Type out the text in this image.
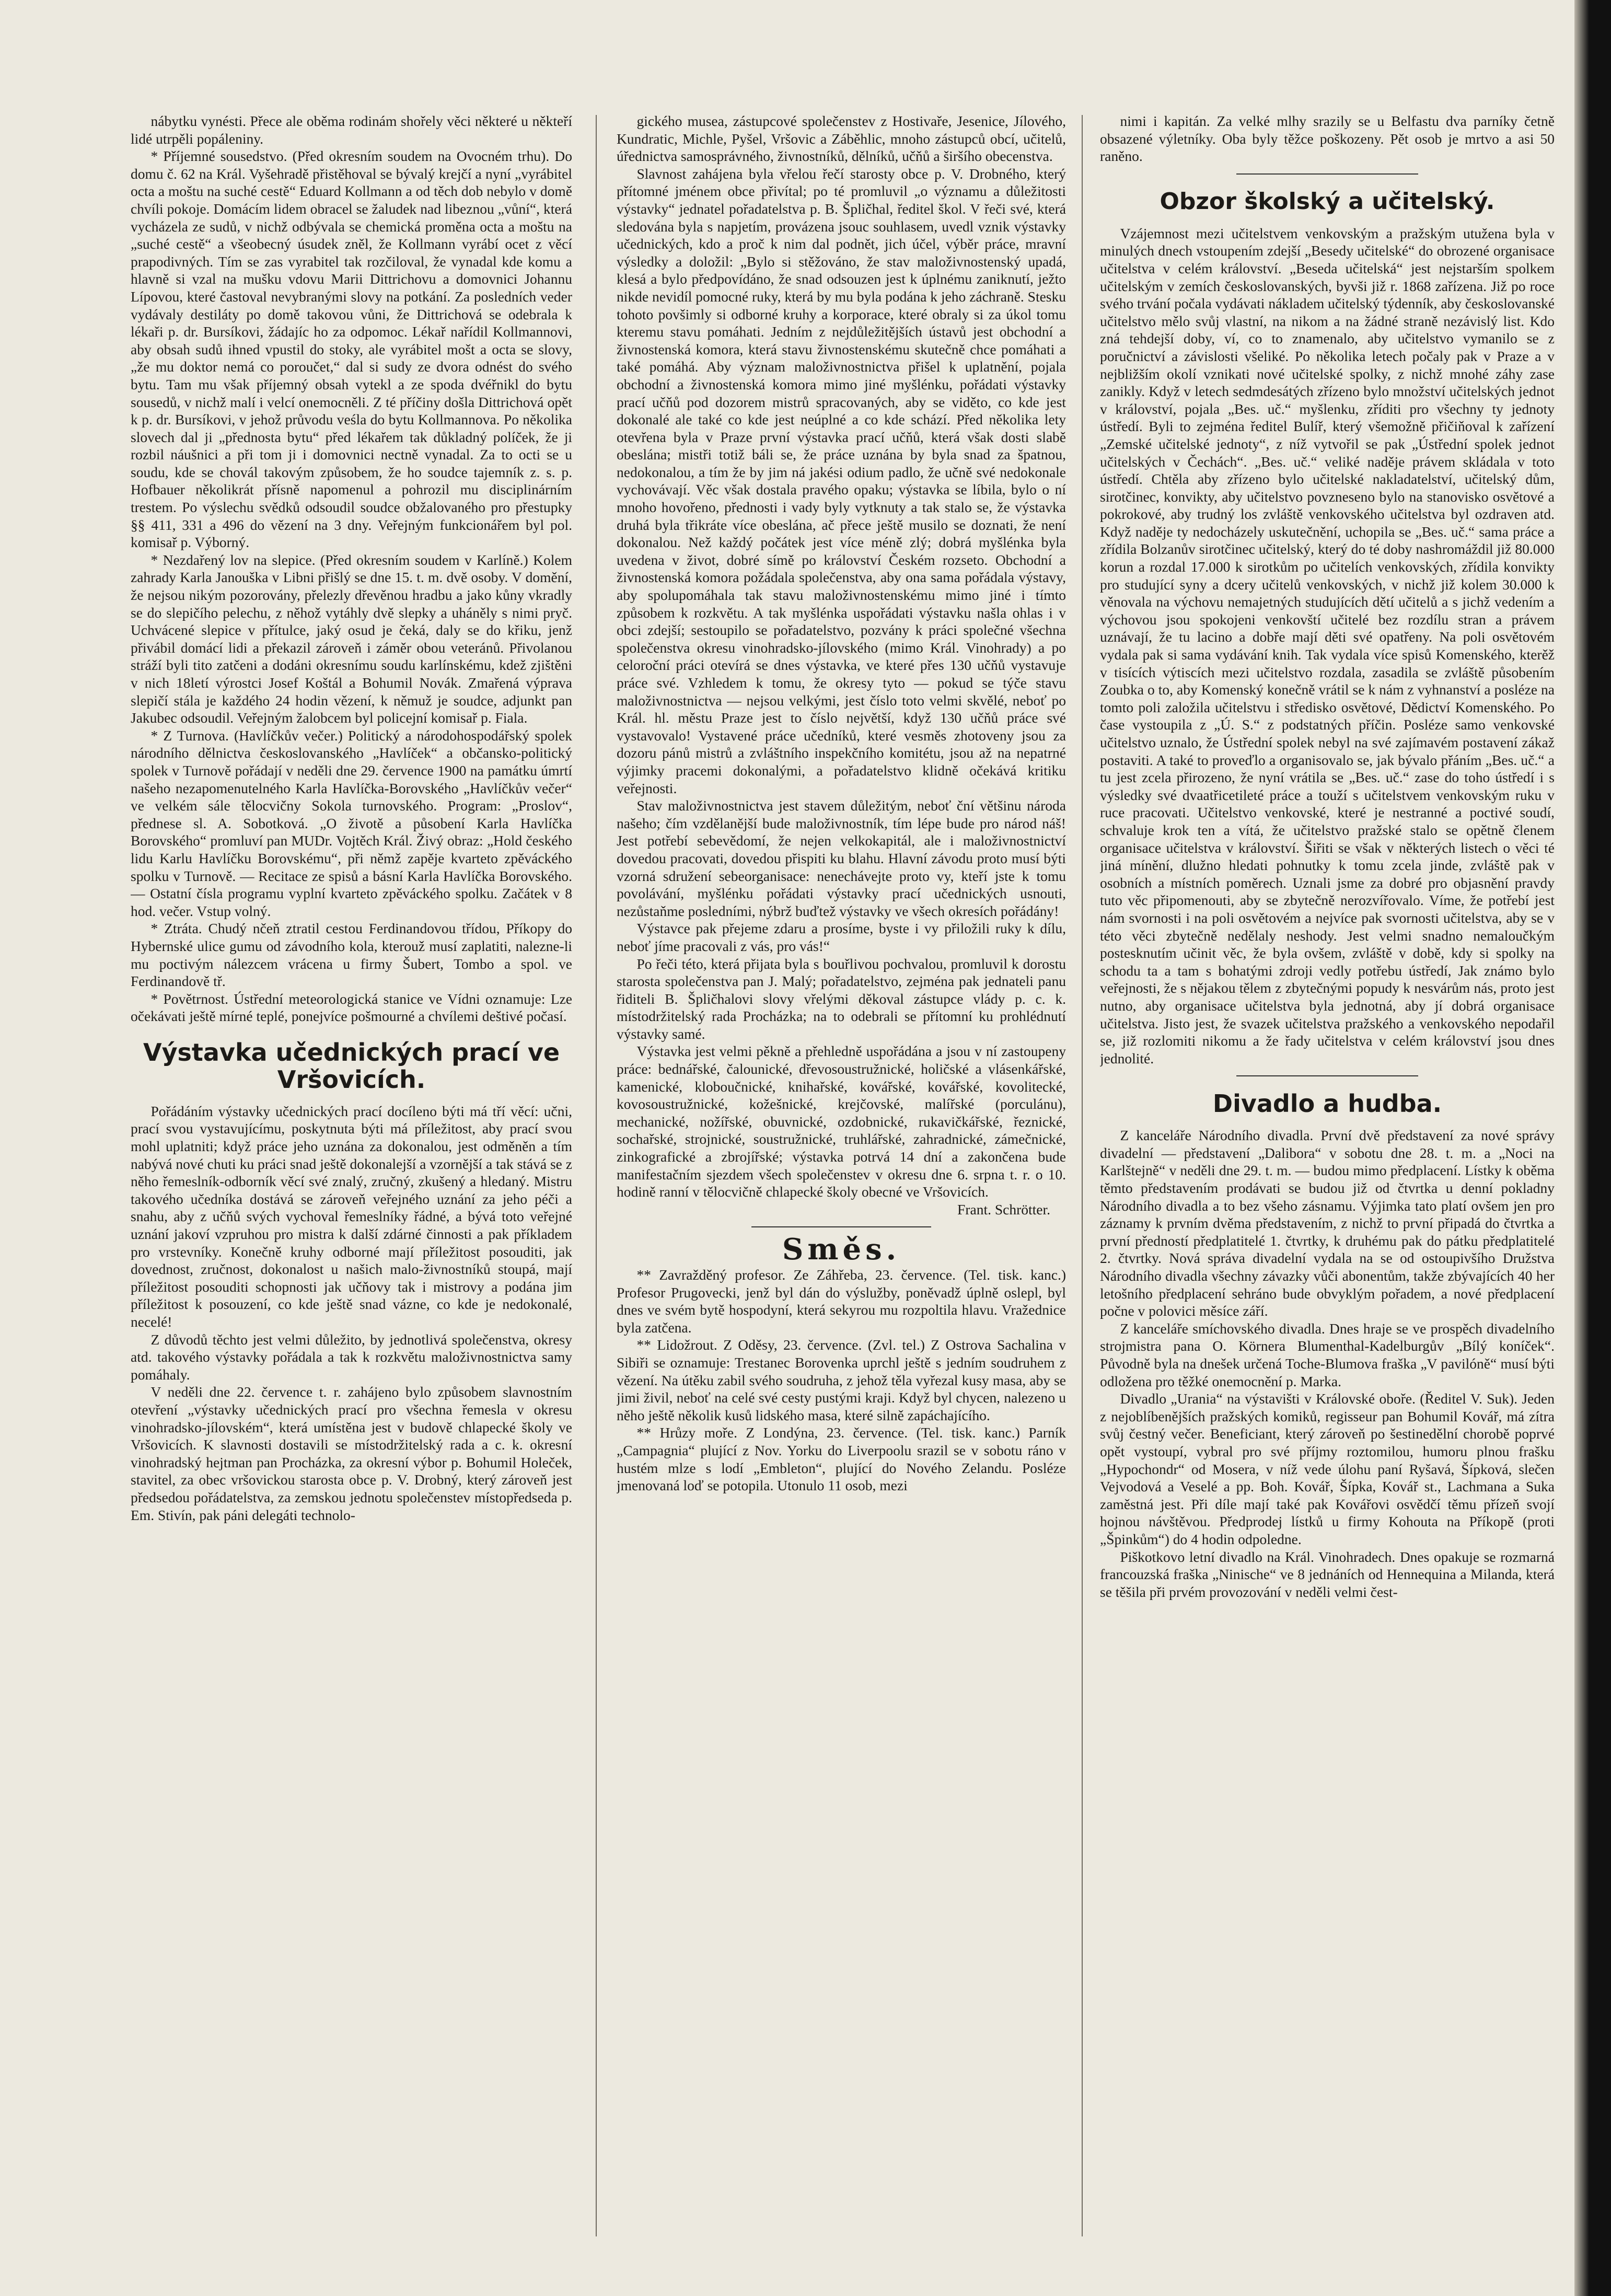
nábytku vynésti. Přece ale oběma rodinám shořely věci některé u někteří lidé utrpěli popáleniny.

* Příjemné sousedstvo. (Před okresním soudem na Ovocném trhu). Do domu č. 62 na Král. Vyšehradě přistěhoval se bývalý krejčí a nyní „vyrábitel octa a moštu na suché cestě“ Eduard Kollmann a od těch dob nebylo v domě chvíli pokoje. Domácím lidem obracel se žaludek nad libeznou „vůní“, která vycházela ze sudů, v nichž odbývala se chemická proměna octa a moštu na „suché cestě“ a všeobecný úsudek zněl, že Kollmann vyrábí ocet z věcí prapodivných. Tím se zas vyrabitel tak rozčiloval, že vynadal kde komu a hlavně si vzal na mušku vdovu Marii Dittrichovu a domovnici Johannu Lípovou, které častoval nevybranými slovy na potkání. Za posledních veder vydávaly destiláty po domě takovou vůni, že Dittrichová se odebrala k lékaři p. dr. Bursíkovi, žádajíc ho za odpomoc. Lékař nařídil Kollmannovi, aby obsah sudů ihned vpustil do stoky, ale vyrábitel mošt a octa se slovy, „že mu doktor nemá co poroučet,“ dal si sudy ze dvora odnést do svého bytu. Tam mu však příjemný obsah vytekl a ze spoda dvéřnikl do bytu sousedů, v nichž malí i velcí onemocněli. Z té příčiny došla Dittrichová opět k p. dr. Bursíkovi, v jehož průvodu veśla do bytu Kollmannova. Po několika slovech dal ji „přednosta bytu“ před lékařem tak důkladný políček, že ji rozbil náušnici a při tom ji i domovnici nectně vynadal. Za to octi se u soudu, kde se chovál takovým způsobem, že ho soudce tajemník z. s. p. Hofbauer několikrát přísně napomenul a pohrozil mu disciplinárním trestem. Po výslechu svědků odsoudil soudce obžalovaného pro přestupky §§ 411, 331 a 496 do vězení na 3 dny. Veřejným funkcionářem byl pol. komisař p. Výborný.

* Nezdařený lov na slepice. (Před okresním soudem v Karlíně.) Kolem zahrady Karla Janouška v Libni přišlý se dne 15. t. m. dvě osoby. V domění, že nejsou nikým pozorovány, přelezly dřevěnou hradbu a jako kůny vkradly se do slepičího pelechu, z něhož vytáhly dvě slepky a uháněly s nimi pryč. Uchvácené slepice v přítulce, jaký osud je čeká, daly se do křiku, jenž přivábil domácí lidi a překazil zároveň i záměr obou veteránů. Přivolanou stráží byli tito zatčeni a dodáni okresnímu soudu karlínskému, kdež zjištěni v nich 18letí výrostci Josef Koštál a Bohumil Novák. Zmařená výprava slepičí stála je každého 24 hodin vězení, k němuž je soudce, adjunkt pan Jakubec odsoudil. Veřejným žalobcem byl policejní komisař p. Fiala.

* Z Turnova. (Havlíčkův večer.) Politický a národohospodářský spolek národního dělnictva českoslovanského „Havlíček“ a občansko-politický spolek v Turnově pořádají v neděli dne 29. července 1900 na památku úmrtí našeho nezapomenutelného Karla Havlíčka-Borovského „Havlíčkův večer“ ve velkém sále tělocvičny Sokola turnovského. Program: „Proslov“, přednese sl. A. Sobotková. „O životě a působení Karla Havlíčka Borovského“ promluví pan MUDr. Vojtěch Král. Živý obraz: „Hold českého lidu Karlu Havlíčku Borovskému“, při němž zapěje kvarteto zpěváckého spolku v Turnově. — Recitace ze spisů a básní Karla Havlíčka Borovského. — Ostatní čísla programu vyplní kvarteto zpěváckého spolku. Začátek v 8 hod. večer. Vstup volný.

* Ztráta. Chudý nčeň ztratil cestou Ferdinandovou třídou, Příkopy do Hybernské ulice gumu od závodního kola, kterouž musí zaplatiti, nalezne-li mu poctivým nálezcem vrácena u firmy Šubert, Tombo a spol. ve Ferdinandově tř.

* Povětrnost. Ústřední meteorologická stanice ve Vídni oznamuje: Lze očekávati ještě mírné teplé, ponejvíce pošmourné a chvílemi deštivé počasí.

Výstavka učednických prací ve Vršovicích.

Pořádáním výstavky učednických prací docíleno býti má tří věcí: učni, prací svou vystavujícímu, poskytnuta býti má příležitost, aby prací svou mohl uplatniti; když práce jeho uznána za dokonalou, jest odměněn a tím nabývá nové chuti ku práci snad ještě dokonalejší a vzornější a tak stává se z něho řemeslník-odborník věcí své znalý, zručný, zkušený a hledaný. Mistru takového učedníka dostává se zároveň veřejného uznání za jeho péči a snahu, aby z učňů svých vychoval řemeslníky řádné, a bývá toto veřejné uznání jakoví vzpruhou pro mistra k další zdárné činnosti a pak příkladem pro vrstevníky. Konečně kruhy odborné mají příležitost posouditi, jak dovednost, zručnost, dokonalost u našich malo-živnostníků stoupá, mají příležitost posouditi schopnosti jak učňovy tak i mistrovy a podána jim příležitost k posouzení, co kde ještě snad vázne, co kde je nedokonalé, necelé!

Z důvodů těchto jest velmi důležito, by jednotlivá společenstva, okresy atd. takového výstavky pořádala a tak k rozkvětu maloživnostnictva samy pomáhaly.

V neděli dne 22. července t. r. zahájeno bylo způsobem slavnostním otevření „výstavky učednických prací pro všechna řemesla v okresu vinohradsko-jílovském“, která umístěna jest v budově chlapecké školy ve Vršovicích. K slavnosti dostavili se místodržitelský rada a c. k. okresní vinohradský hejtman pan Procházka, za okresní výbor p. Bohumil Holeček, stavitel, za obec vršovickou starosta obce p. V. Drobný, který zároveň jest předsedou pořádatelstva, za zemskou jednotu společenstev místopředseda p. Em. Stivín, pak páni delegáti technolo-

gického musea, zástupcové společenstev z Hostivaře, Jesenice, Jílového, Kundratic, Michle, Pyšel, Vršovic a Záběhlic, mnoho zástupců obcí, učitelů, úřednictva samosprávného, živnostníků, dělníků, učňů a širšího obecenstva.

Slavnost zahájena byla vřelou řečí starosty obce p. V. Drobného, který přítomné jménem obce přivítal; po té promluvil „o významu a důležitosti výstavky“ jednatel pořadatelstva p. B. Špličhal, ředitel škol. V řeči své, která sledována byla s napjetím, provázena jsouc souhlasem, uvedl vznik výstavky učednických, kdo a proč k nim dal podnět, jich účel, výběr práce, mravní výsledky a doložil: „Bylo si stěžováno, že stav maloživnostenský upadá, klesá a bylo předpovídáno, že snad odsouzen jest k úplnému zaniknutí, ježto nikde nevidíl pomocné ruky, která by mu byla podána k jeho záchraně. Stesku tohoto povšimly si odborné kruhy a korporace, které obraly si za úkol tomu kteremu stavu pomáhati. Jedním z nejdůležitějších ústavů jest obchodní a živnostenská komora, která stavu živnostenskému skutečně chce pomáhati a také pomáhá. Aby význam maloživnostnictva přišel k uplatnění, pojala obchodní a živnostenská komora mimo jiné myšlénku, pořádati výstavky prací učňů pod dozorem mistrů spracovaných, aby se viděto, co kde jest dokonalé ale také co kde jest neúplné a co kde schází. Před několika lety otevřena byla v Praze první výstavka prací učňů, která však dosti slabě obeslána; mistři totiž báli se, že práce uznána by byla snad za špatnou, nedokonalou, a tím že by jim ná jakési odium padlo, že učně své nedokonale vychovávají. Věc však dostala pravého opaku; výstavka se líbila, bylo o ní mnoho hovořeno, přednosti i vady byly vytknuty a tak stalo se, že výstavka druhá byla třikráte více obeslána, ač přece ještě musilo se doznati, že není dokonalou. Než každý počátek jest více méně zlý; dobrá myšlénka byla uvedena v život, dobré símě po království Českém rozseto. Obchodní a živnostenská komora požádala společenstva, aby ona sama pořádala výstavy, aby spolupomáhala tak stavu maloživnostenskému mimo jiné i tímto způsobem k rozkvětu. A tak myšlénka uspořádati výstavku našla ohlas i v obci zdejší; sestoupilo se pořadatelstvo, pozvány k práci společné všechna společenstva okresu vinohradsko-jílovského (mimo Král. Vinohrady) a po celoroční práci otevírá se dnes výstavka, ve které přes 130 učňů vystavuje práce své. Vzhledem k tomu, že okresy tyto — pokud se týče stavu maloživnostnictva — nejsou velkými, jest číslo toto velmi skvělé, neboť po Král. hl. městu Praze jest to číslo největší, když 130 učňů práce své vystavovalo! Vystavené práce učedníků, které vesměs zhotoveny jsou za dozoru pánů mistrů a zvláštního inspekčního komitétu, jsou až na nepatrné výjimky pracemi dokonalými, a pořadatelstvo klidně očekává kritiku veřejnosti.

Stav maloživnostnictva jest stavem důležitým, neboť ční většinu národa našeho; čím vzdělanější bude maloživnostník, tím lépe bude pro národ náš! Jest potřebí sebevědomí, že nejen velkokapitál, ale i maloživnostnictví dovedou pracovati, dovedou přispiti ku blahu. Hlavní závodu proto musí býti vzorná sdružení sebeorganisace: nenechávejte proto vy, kteří jste k tomu povolávání, myšlénku pořádati výstavky prací učednických usnouti, nezůstaňme posledními, nýbrž buďtež výstavky ve všech okresích pořádány!

Výstavce pak přejeme zdaru a prosíme, byste i vy přiložili ruky k dílu, neboť jíme pracovali z vás, pro vás!“

Po řeči této, která přijata byla s bouřlivou pochvalou, promluvil k dorostu starosta společenstva pan J. Malý; pořadatelstvo, zejména pak jednateli panu řiditeli B. Špličhalovi slovy vřelými děkoval zástupce vlády p. c. k. místodržitelský rada Procházka; na to odebrali se přítomní ku prohlédnutí výstavky samé.

Výstavka jest velmi pěkně a přehledně uspořádána a jsou v ní zastoupeny práce: bednářské, čalounické, dřevosoustružnické, holičské a vlásenkářské, kamenické, kloboučnické, knihařské, kovářské, kovářské, kovolitecké, kovosoustružnické, kožešnické, krejčovské, malířské (porculánu), mechanické, nožířské, obuvnické, ozdobnické, rukavičkářské, řeznické, sochařské, strojnické, soustružnické, truhlářské, zahradnické, zámečnické, zinkografické a zbrojířské; výstavka potrvá 14 dní a zakončena bude manifestačním sjezdem všech společenstev v okresu dne 6. srpna t. r. o 10. hodině ranní v tělocvičně chlapecké školy obecné ve Vršovicích.

Frant. Schrötter.
Směs.

** Zavražděný profesor. Ze Záhřeba, 23. července. (Tel. tisk. kanc.) Profesor Prugovecki, jenž byl dán do výslužby, poněvadž úplně oslepl, byl dnes ve svém bytě hospodyní, která sekyrou mu rozpoltila hlavu. Vražednice byla zatčena.

** Lidožrout. Z Oděsy, 23. července. (Zvl. tel.) Z Ostrova Sachalina v Sibiři se oznamuje: Trestanec Borovenka uprchl ještě s jedním soudruhem z vězení. Na útěku zabil svého soudruha, z jehož těla vyřezal kusy masa, aby se jimi živil, neboť na celé své cesty pustými kraji. Když byl chycen, nalezeno u něho ještě několik kusů lidského masa, které silně zapáchajícího.

** Hrůzy moře. Z Londýna, 23. července. (Tel. tisk. kanc.) Parník „Campagnia“ plující z Nov. Yorku do Liverpoolu srazil se v sobotu ráno v hustém mlze s lodí „Embleton“, plující do Nového Zelandu. Posléze jmenovaná loď se potopila. Utonulo 11 osob, mezi

nimi i kapitán. Za velké mlhy srazily se u Belfastu dva parníky četně obsazené výletníky. Oba byly těžce poškozeny. Pět osob je mrtvo a asi 50 raněno.

Obzor školský a učitelský.

Vzájemnost mezi učitelstvem venkovským a pražským utužena byla v minulých dnech vstoupením zdejší „Besedy učitelské“ do obrozené organisace učitelstva v celém království. „Beseda učitelská“ jest nejstarším spolkem učitelským v zemích českoslovanských, byvši již r. 1868 zařízena. Již po roce svého trvání počala vydávati nákladem učitelský týdenník, aby českoslovanské učitelstvo mělo svůj vlastní, na nikom a na žádné straně nezávislý list. Kdo zná tehdejší doby, ví, co to znamenalo, aby učitelstvo vymanilo se z poručnictví a závislosti všeliké. Po několika letech počaly pak v Praze a v nejbližším okolí vznikati nové učitelské spolky, z nichž mnohé záhy zase zanikly. Když v letech sedmdesátých zřízeno bylo množství učitelských jednot v království, pojala „Bes. uč.“ myšlenku, zříditi pro všechny ty jednoty ústředí. Byli to zejména ředitel Bulíř, který všemožně přičiňoval k zařízení „Zemské učitelské jednoty“, z níž vytvořil se pak „Ústřední spolek jednot učitelských v Čechách“. „Bes. uč.“ veliké naděje právem skládala v toto ústředí. Chtěla aby zřízeno bylo učitelské nakladatelství, učitelský dům, sirotčinec, konvikty, aby učitelstvo povzneseno bylo na stanovisko osvětové a pokrokové, aby trudný los zvláště venkovského učitelstva byl ozdraven atd. Když naděje ty nedocházely uskutečnění, uchopila se „Bes. uč.“ sama práce a zřídila Bolzanův sirotčinec učitelský, který do té doby nashromáždil již 80.000 korun a rozdal 17.000 k sirotkům po učitelích venkovských, zřídila konvikty pro studující syny a dcery učitelů venkovských, v nichž již kolem 30.000 k věnovala na výchovu nemajetných studujících dětí učitelů a s jichž vedením a výchovou jsou spokojeni venkovští učitelé bez rozdílu stran a právem uznávají, že tu lacino a dobře mají děti své opatřeny. Na poli osvětovém vydala pak si sama vydávání knih. Tak vydala více spisů Komenského, kterěž v tisících výtiscích mezi učitelstvo rozdala, zasadila se zvláště působením Zoubka o to, aby Komenský konečně vrátil se k nám z vyhnanství a posléze na tomto poli založila učitelstvu i středisko osvětové, Dědictví Komenského. Po čase vystoupila z „Ú. S.“ z podstatných příčin. Posléze samo venkovské učitelstvo uznalo, že Ústřední spolek nebyl na své zajímavém postavení zákaž postaviti. A také to proveďlo a organisovalo se, jak bývalo přáním „Bes. uč.“ a tu jest zcela přirozeno, že nyní vrátila se „Bes. uč.“ zase do toho ústředí i s výsledky své dvaatřicetileté práce a touží s učitelstvem venkovským ruku v ruce pracovati. Učitelstvo venkovské, které je nestranné a poctivé soudí, schvaluje krok ten a vítá, že učitelstvo pražské stalo se opětně členem organisace učitelstva v království. Šiřiti se však v některých listech o věci té jiná mínění, dlužno hledati pohnutky k tomu zcela jinde, zvláště pak v osobních a místních poměrech. Uznali jsme za dobré pro objasnění pravdy tuto věc připomenouti, aby se zbytečně nerozvířovalo. Víme, že potřebí jest nám svornosti i na poli osvětovém a nejvíce pak svornosti učitelstva, aby se v této věci zbytečně nedělaly neshody. Jest velmi snadno nemaloučkým postesknutím učinit věc, že byla ovšem, zvláště v době, kdy si spolky na schodu ta a tam s bohatými zdroji vedly potřebu ústředí, Jak známo bylo veřejnosti, že s nějakou tělem z zbytečnými popudy k nesvárům nás, proto jest nutno, aby organisace učitelstva byla jednotná, aby jí dobrá organisace učitelstva. Jisto jest, že svazek učitelstva pražského a venkovského nepodařil se, již rozlomiti nikomu a že řady učitelstva v celém království jsou dnes jednolité.

Divadlo a hudba.

Z kanceláře Národního divadla. První dvě představení za nové správy divadelní — představení „Dalibora“ v sobotu dne 28. t. m. a „Noci na Karlštejně“ v neděli dne 29. t. m. — budou mimo předplacení. Lístky k oběma těmto představením prodávati se budou již od čtvrtka u denní pokladny Národního divadla a to bez všeho zásnamu. Výjimka tato platí ovšem jen pro záznamy k prvním dvěma představením, z nichž to první připadá do čtvrtka a první předností předplatitelé 1. čtvrtky, k druhému pak do pátku předplatitelé 2. čtvrtky. Nová správa divadelní vydala na se od ostoupivšího Družstva Národního divadla všechny závazky vůči abonentům, takže zbývajících 40 her letošního předplacení sehráno bude obvyklým pořadem, a nové předplacení počne v polovici měsíce září.

Z kanceláře smíchovského divadla. Dnes hraje se ve prospěch divadelního strojmistra pana O. Körnera Blumenthal-Kadelburgův „Bílý koníček“. Původně byla na dnešek určená Toche-Blumova fraška „V pavilóně“ musí býti odložena pro těžké onemocnění p. Marka.

Divadlo „Urania“ na výstavišti v Královské oboře. (Ředitel V. Suk). Jeden z nejoblíbenějších pražských komiků, regisseur pan Bohumil Kovář, má zítra svůj čestný večer. Beneficiant, který zároveň po šestinedělní chorobě poprvé opět vystoupí, vybral pro své příjmy roztomilou, humoru plnou frašku „Hypochondr“ od Mosera, v níž vede úlohu paní Ryšavá, Šípková, slečen Vejvodová a Veselé a pp. Boh. Kovář, Šípka, Kovář st., Lachmana a Suka zaměstná jest. Při díle mají také pak Kovářovi osvědčí těmu přízeň svojí hojnou návštěvou. Předprodej lístků u firmy Kohouta na Příkopě (proti „Špinkům“) do 4 hodin odpoledne.

Piškotkovo letní divadlo na Král. Vinohradech. Dnes opakuje se rozmarná francouzská fraška „Ninische“ ve 8 jednáních od Hennequina a Milanda, která se těšila při prvém provozování v neděli velmi čest-
